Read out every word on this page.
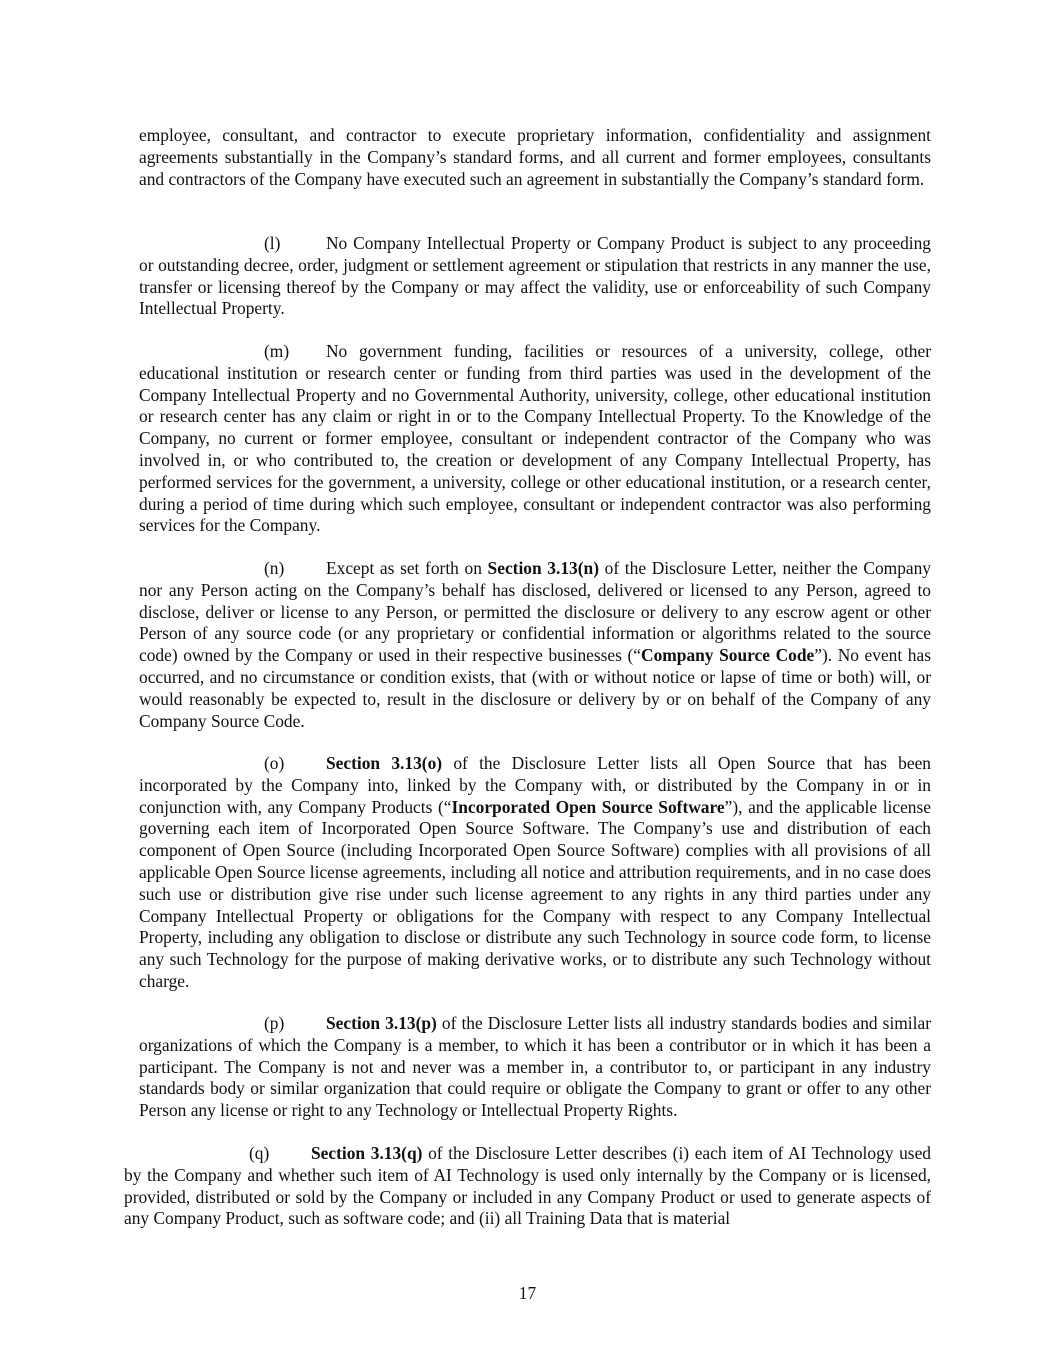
employee, consultant, and contractor to execute proprietary information, confidentiality and assignment agreements substantially in the Company’s standard forms, and all current and former employees, consultants and contractors of the Company have executed such an agreement in substantially the Company’s standard form.

(l)	No Company Intellectual Property or Company Product is subject to any proceeding or outstanding decree, order, judgment or settlement agreement or stipulation that restricts in any manner the use, transfer or licensing thereof by the Company or may affect the validity, use or enforceability of such Company Intellectual Property.

(m) No government funding, facilities or resources of a university, college, other educational institution or research center or funding from third parties was used in the development of the Company Intellectual Property and no Governmental Authority, university, college, other educational institution or research center has any claim or right in or to the Company Intellectual Property. To the Knowledge of the Company, no current or former employee, consultant or independent contractor of the Company who was involved in, or who contributed to, the creation or development of any Company Intellectual Property, has performed services for the government, a university, college or other educational institution, or a research center, during a period of time during which such employee, consultant or independent contractor was also performing services for the Company.

(n) Except as set forth on Section 3.13(n) of the Disclosure Letter, neither the Company nor any Person acting on the Company’s behalf has disclosed, delivered or licensed to any Person, agreed to disclose, deliver or license to any Person, or permitted the disclosure or delivery to any escrow agent or other Person of any source code (or any proprietary or confidential information or algorithms related to the source code) owned by the Company or used in their respective businesses (“Company Source Code”). No event has occurred, and no circumstance or condition exists, that (with or without notice or lapse of time or both) will, or would reasonably be expected to, result in the disclosure or delivery by or on behalf of the Company of any Company Source Code.

(o) Section 3.13(o) of the Disclosure Letter lists all Open Source that has been incorporated by the Company into, linked by the Company with, or distributed by the Company in or in conjunction with, any Company Products (“Incorporated Open Source Software”), and the applicable license governing each item of Incorporated Open Source Software. The Company’s use and distribution of each component of Open Source (including Incorporated Open Source Software) complies with all provisions of all applicable Open Source license agreements, including all notice and attribution requirements, and in no case does such use or distribution give rise under such license agreement to any rights in any third parties under any Company Intellectual Property or obligations for the Company with respect to any Company Intellectual Property, including any obligation to disclose or distribute any such Technology in source code form, to license any such Technology for the purpose of making derivative works, or to distribute any such Technology without charge.

(p) Section 3.13(p) of the Disclosure Letter lists all industry standards bodies and similar organizations of which the Company is a member, to which it has been a contributor or in which it has been a participant. The Company is not and never was a member in, a contributor to, or participant in any industry standards body or similar organization that could require or obligate the Company to grant or offer to any other Person any license or right to any Technology or Intellectual Property Rights.

(q) Section 3.13(q) of the Disclosure Letter describes (i) each item of AI Technology used by the Company and whether such item of AI Technology is used only internally by the Company or is licensed, provided, distributed or sold by the Company or included in any Company Product or used to generate aspects of any Company Product, such as software code; and (ii) all Training Data that is material

17
